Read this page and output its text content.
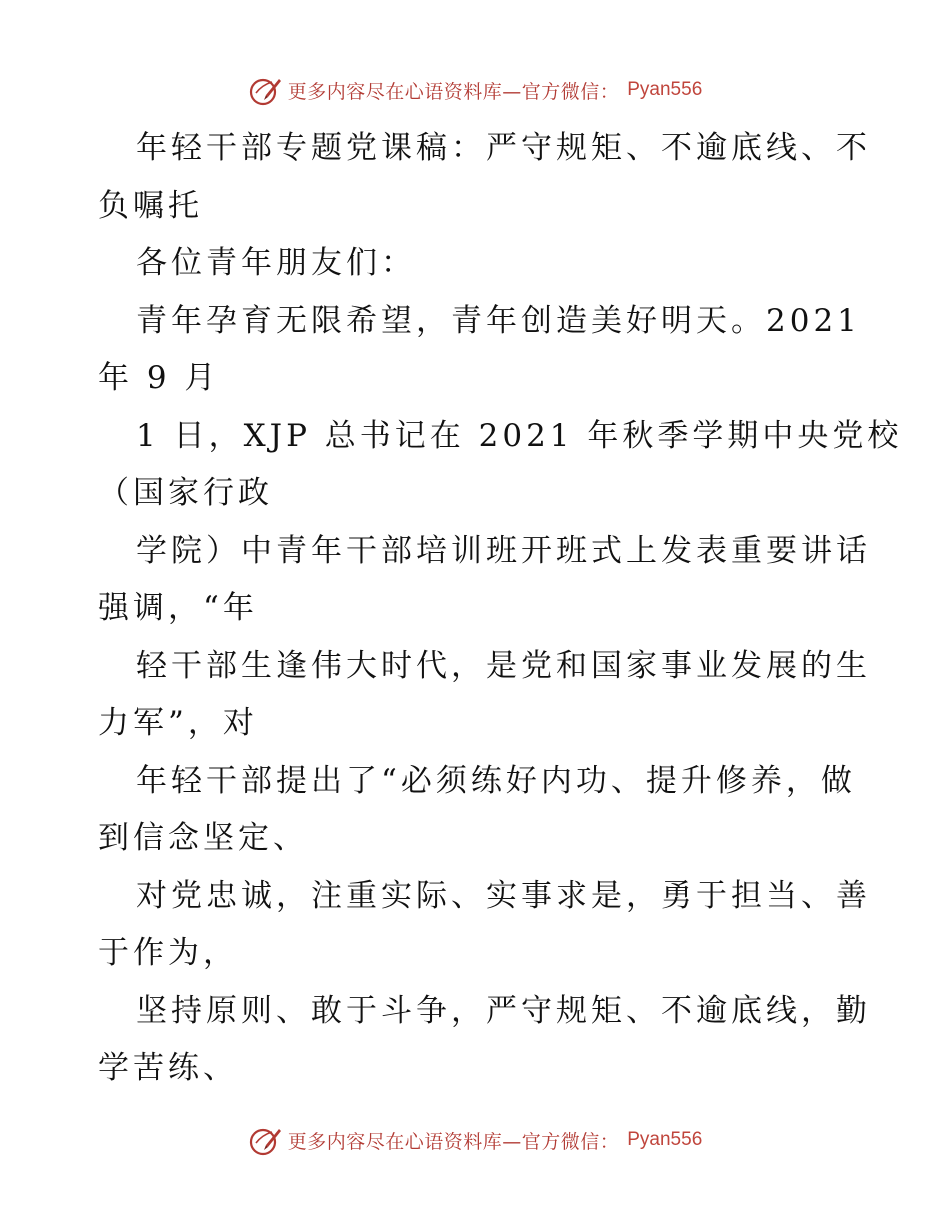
更多内容尽在心语资料库—官方微信： Pyan556
年轻干部专题党课稿：严守规矩、不逾底线、不
负嘱托
各位青年朋友们：
青年孕育无限希望，青年创造美好明天。2021
年 9 月
1 日，XJP 总书记在 2021 年秋季学期中央党校
（国家行政
学院）中青年干部培训班开班式上发表重要讲话
强调，“年
轻干部生逢伟大时代，是党和国家事业发展的生
力军”，对
年轻干部提出了“必须练好内功、提升修养，做
到信念坚定、
对党忠诚，注重实际、实事求是，勇于担当、善
于作为，
坚持原则、敢于斗争，严守规矩、不逾底线，勤
学苦练、
更多内容尽在心语资料库—官方微信： Pyan556
